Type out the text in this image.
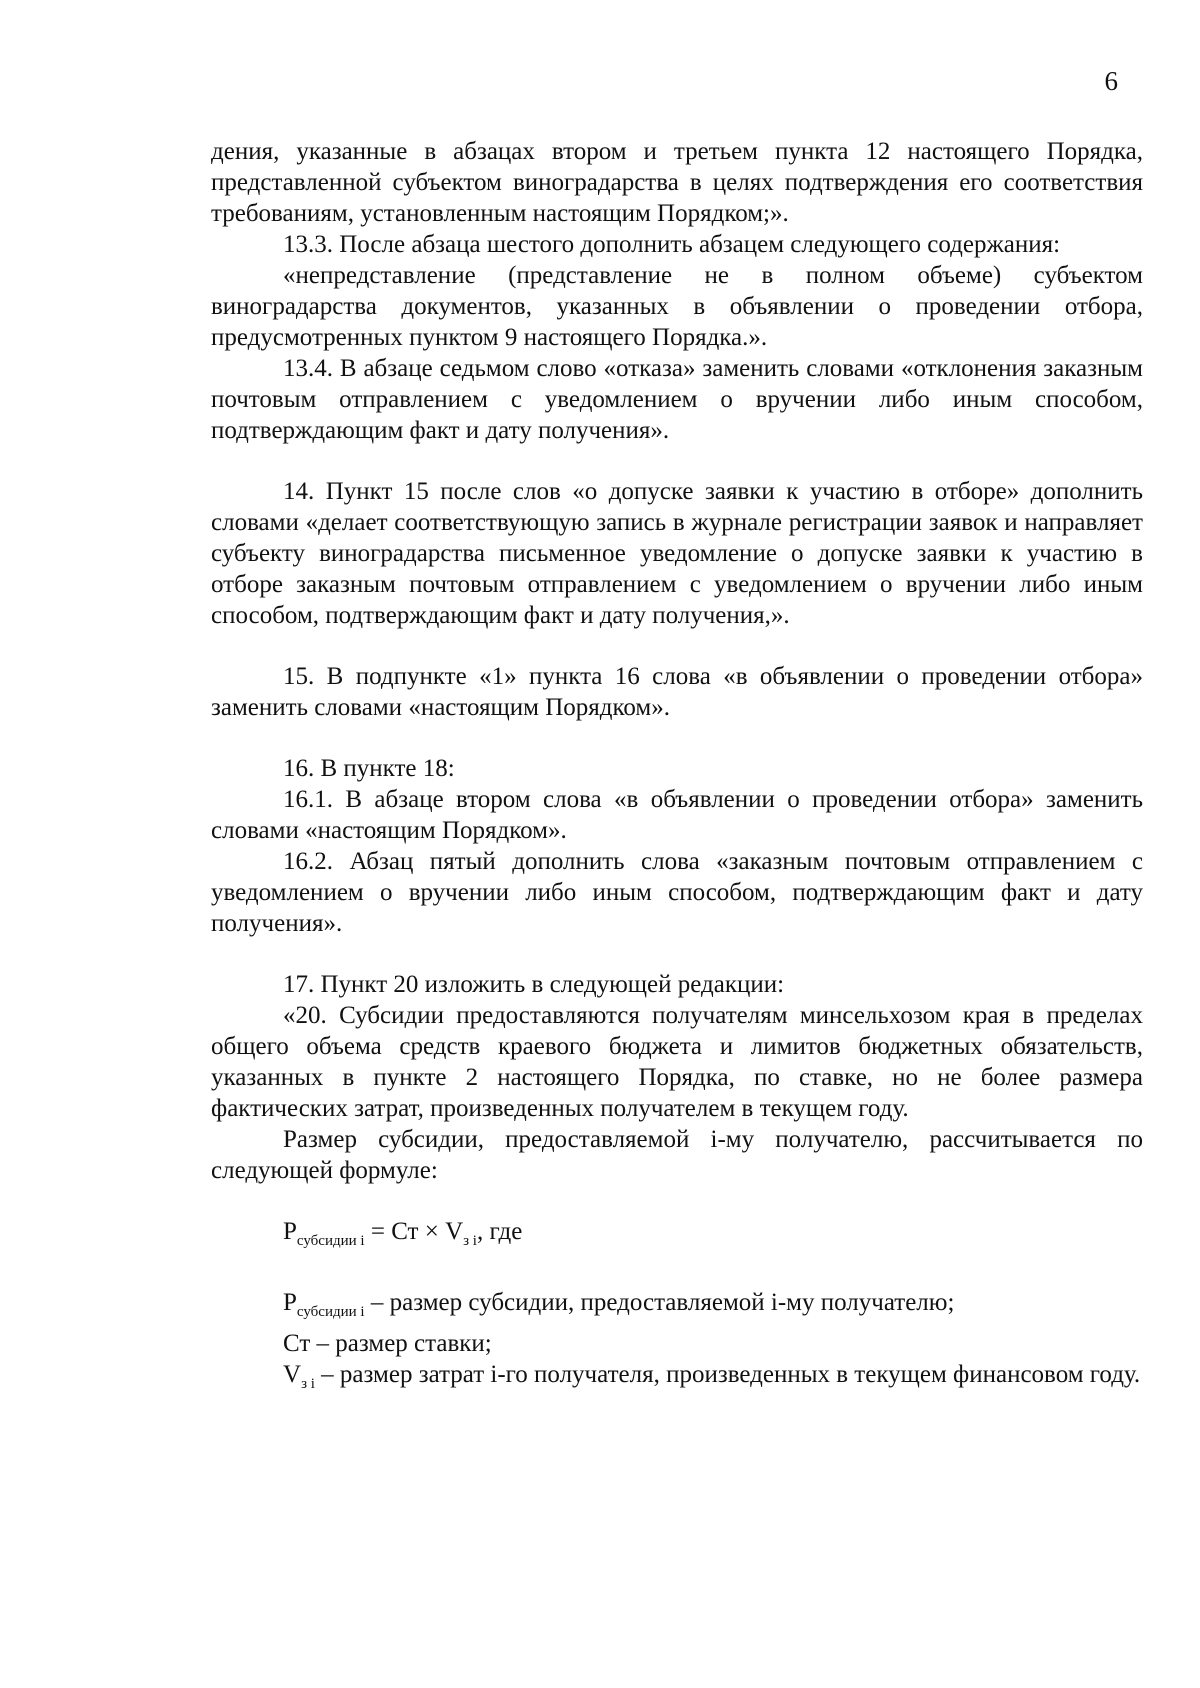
6

дения, указанные в абзацах втором и третьем пункта 12 настоящего Порядка, представленной субъектом виноградарства в целях подтверждения его соответствия требованиям, установленным настоящим Порядком;».

13.3. После абзаца шестого дополнить абзацем следующего содержания:

«непредставление (представление не в полном объеме) субъектом виноградарства документов, указанных в объявлении о проведении отбора, предусмотренных пунктом 9 настоящего Порядка.».

13.4. В абзаце седьмом слово «отказа» заменить словами «отклонения заказным почтовым отправлением с уведомлением о вручении либо иным способом, подтверждающим факт и дату получения».

14. Пункт 15 после слов «о допуске заявки к участию в отборе» дополнить словами «делает соответствующую запись в журнале регистрации заявок и направляет субъекту виноградарства письменное уведомление о допуске заявки к участию в отборе заказным почтовым отправлением с уведомлением о вручении либо иным способом, подтверждающим факт и дату получения,».

15. В подпункте «1» пункта 16 слова «в объявлении о проведении отбора» заменить словами «настоящим Порядком».

16. В пункте 18:

16.1. В абзаце втором слова «в объявлении о проведении отбора» заменить словами «настоящим Порядком».

16.2. Абзац пятый дополнить слова «заказным почтовым отправлением с уведомлением о вручении либо иным способом, подтверждающим факт и дату получения».

17. Пункт 20 изложить в следующей редакции:

«20. Субсидии предоставляются получателям минсельхозом края в пределах общего объема средств краевого бюджета и лимитов бюджетных обязательств, указанных в пункте 2 настоящего Порядка, по ставке, но не более размера фактических затрат, произведенных получателем в текущем году.

Размер субсидии, предоставляемой i-му получателю, рассчитывается по следующей формуле:

$P_{субсидии i}$ = Ст × $V_{з i}$, где

$P_{субсидии i}$ – размер субсидии, предоставляемой i-му получателю;

Ст – размер ставки;

$V_{з i}$ – размер затрат i-го получателя, произведенных в текущем финансовом году.
